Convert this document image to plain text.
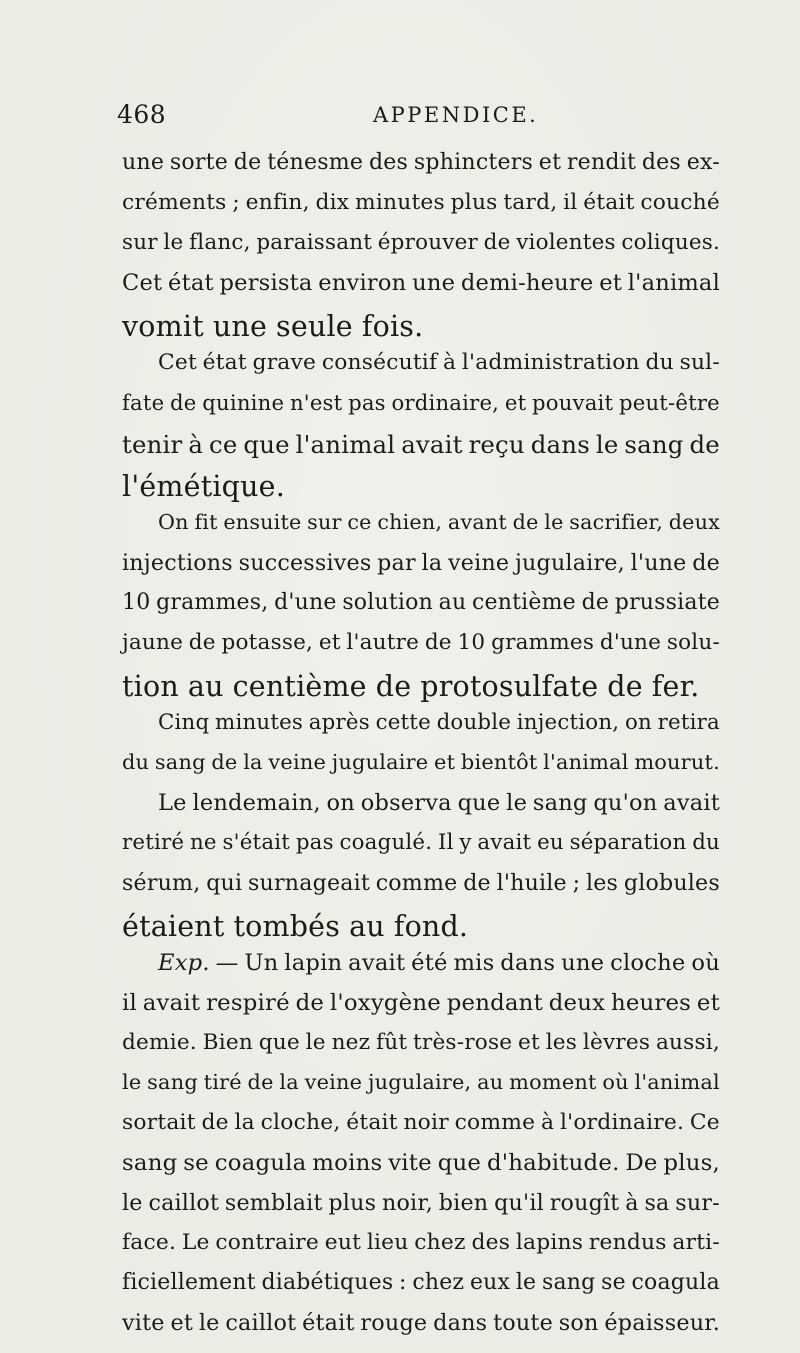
468	APPENDICE.
une sorte de ténesme des sphincters et rendit des ex-
créments ; enfin, dix minutes plus tard, il était couché
sur le flanc, paraissant éprouver de violentes coliques.
Cet état persista environ une demi-heure et l'animal
vomit une seule fois.
Cet état grave consécutif à l'administration du sul-
fate de quinine n'est pas ordinaire, et pouvait peut-être
tenir à ce que l'animal avait reçu dans le sang de
l'émétique.
On fit ensuite sur ce chien, avant de le sacrifier, deux
injections successives par la veine jugulaire, l'une de
10 grammes, d'une solution au centième de prussiate
jaune de potasse, et l'autre de 10 grammes d'une solu-
tion au centième de protosulfate de fer.
Cinq minutes après cette double injection, on retira
du sang de la veine jugulaire et bientôt l'animal mourut.
Le lendemain, on observa que le sang qu'on avait
retiré ne s'était pas coagulé. Il y avait eu séparation du
sérum, qui surnageait comme de l'huile ; les globules
étaient tombés au fond.
Exp. — Un lapin avait été mis dans une cloche où
il avait respiré de l'oxygène pendant deux heures et
demie. Bien que le nez fût très-rose et les lèvres aussi,
le sang tiré de la veine jugulaire, au moment où l'animal
sortait de la cloche, était noir comme à l'ordinaire. Ce
sang se coagula moins vite que d'habitude. De plus,
le caillot semblait plus noir, bien qu'il rougît à sa sur-
face. Le contraire eut lieu chez des lapins rendus arti-
ficiellement diabétiques : chez eux le sang se coagula
vite et le caillot était rouge dans toute son épaisseur.
